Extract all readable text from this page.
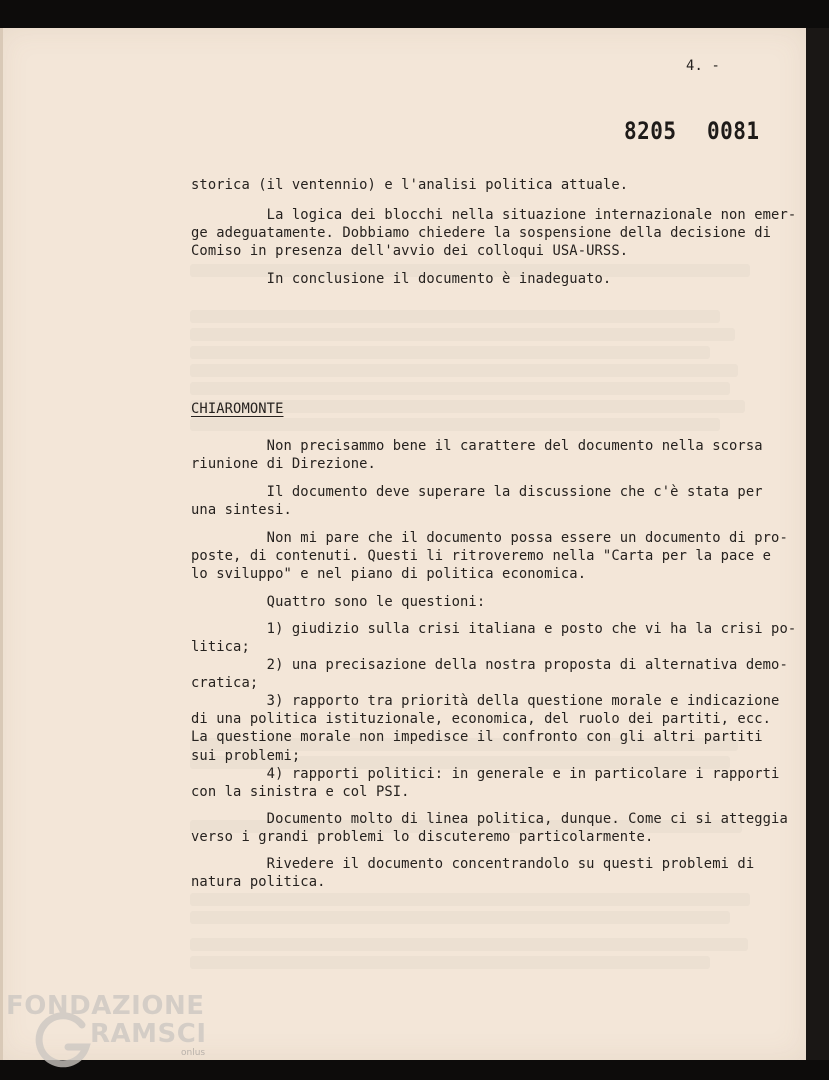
4. -
8205 0081

storica (il ventennio) e l'analisi politica attuale.

La logica dei blocchi nella situazione internazionale non emer-

ge adeguatamente. Dobbiamo chiedere la sospensione della decisione di

Comiso in presenza dell'avvio dei colloqui USA-URSS.

In conclusione il documento è inadeguato.

CHIAROMONTE

Non precisammo bene il carattere del documento nella scorsa

riunione di Direzione.

Il documento deve superare la discussione che c'è stata per

una sintesi.

Non mi pare che il documento possa essere un documento di pro-

poste, di contenuti. Questi li ritroveremo nella "Carta per la pace e

lo sviluppo" e nel piano di politica economica.

Quattro sono le questioni:

1) giudizio sulla crisi italiana e posto che vi ha la crisi po-

litica;

2) una precisazione della nostra proposta di alternativa demo-

cratica;

3) rapporto tra priorità della questione morale e indicazione

di una politica istituzionale, economica, del ruolo dei partiti, ecc.

La questione morale non impedisce il confronto con gli altri partiti

sui problemi;

4) rapporti politici: in generale e in particolare i rapporti

con la sinistra e col PSI.

Documento molto di linea politica, dunque. Come ci si atteggia

verso i grandi problemi lo discuteremo particolarmente.

Rivedere il documento concentrandolo su questi problemi di

natura politica.

FONDAZIONE
RAMSCI
onlus
